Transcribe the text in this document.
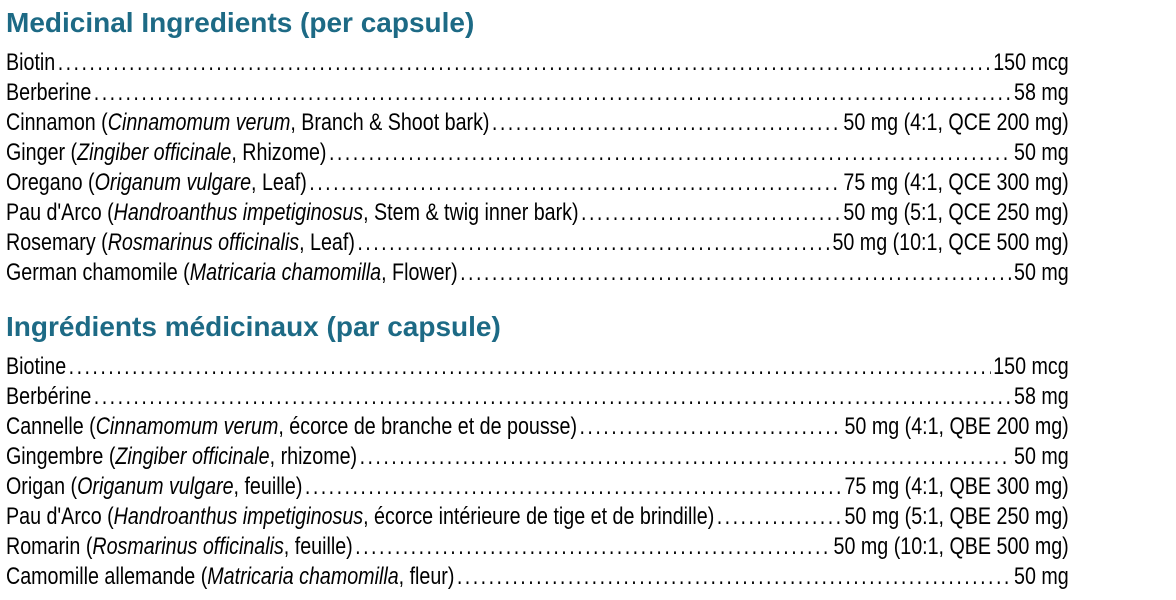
Medicinal Ingredients (per capsule)
Biotin .....	150 mcg
Berberine .....	58 mg
Cinnamon (Cinnamomum verum, Branch & Shoot bark) .....	50 mg (4:1, QCE 200 mg)
Ginger (Zingiber officinale, Rhizome) .....	50 mg
Oregano (Origanum vulgare, Leaf) .....	75 mg (4:1, QCE 300 mg)
Pau d'Arco (Handroanthus impetiginosus, Stem & twig inner bark) .....	50 mg (5:1, QCE 250 mg)
Rosemary (Rosmarinus officinalis, Leaf) .....	50 mg (10:1, QCE 500 mg)
German chamomile (Matricaria chamomilla, Flower) .....	50 mg
Ingrédients médicinaux (par capsule)
Biotine .....	150 mcg
Berbérine .....	58 mg
Cannelle (Cinnamomum verum, écorce de branche et de pousse) .....	50 mg (4:1, QBE 200 mg)
Gingembre (Zingiber officinale, rhizome) .....	50 mg
Origan (Origanum vulgare, feuille) .....	75 mg (4:1, QBE 300 mg)
Pau d'Arco (Handroanthus impetiginosus, écorce intérieure de tige et de brindille) .....	50 mg (5:1, QBE 250 mg)
Romarin (Rosmarinus officinalis, feuille) .....	50 mg (10:1, QBE 500 mg)
Camomille allemande (Matricaria chamomilla, fleur) .....	50 mg
